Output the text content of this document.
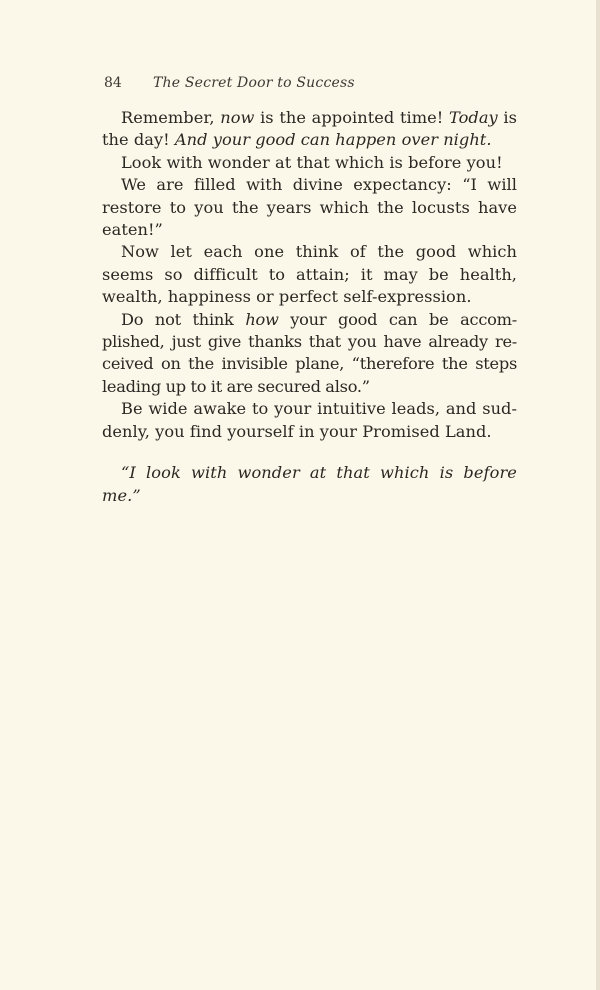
84 The Secret Door to Success

Remember, now is the appointed time! Today is the day! And your good can happen over night.

Look with wonder at that which is before you!

We are filled with divine expectancy: “I will restore to you the years which the locusts have eaten!”

Now let each one think of the good which seems so difficult to attain; it may be health, wealth, happiness or perfect self-expression.

Do not think how your good can be accom-plished, just give thanks that you have already re-ceived on the invisible plane, “therefore the steps leading up to it are secured also.”

Be wide awake to your intuitive leads, and sud-denly, you find yourself in your Promised Land.

“I look with wonder at that which is before me.”
